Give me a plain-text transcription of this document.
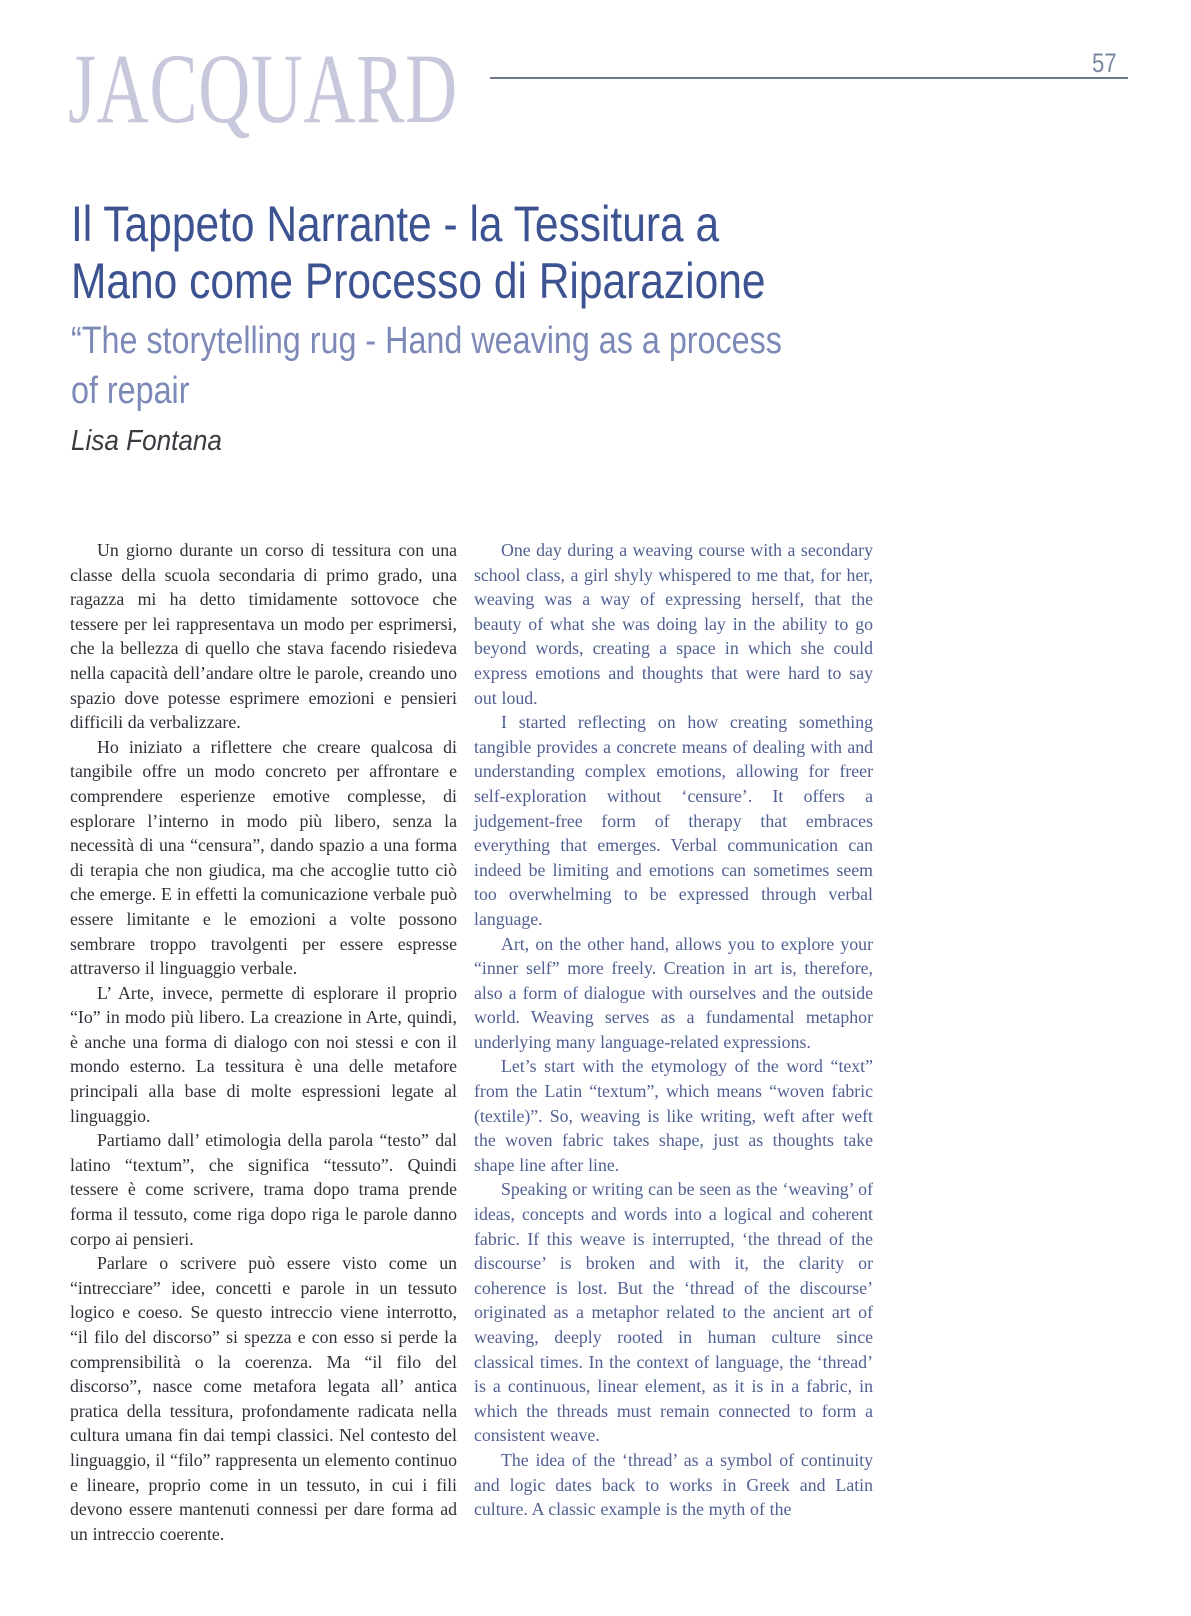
JACQUARD	57
Il Tappeto Narrante - la Tessitura a
Mano come Processo di Riparazione
“The storytelling rug - Hand weaving as a process
of repair
Lisa Fontana

Un giorno durante un corso di tessitura con una classe della scuola secondaria di primo grado, una ragazza mi ha detto timidamente sottovoce che tessere per lei rappresentava un modo per esprimersi, che la bellezza di quello che stava facendo risiedeva nella capacità dell’andare oltre le parole, creando uno spazio dove potesse esprimere emozioni e pensieri difficili da verbalizzare.

Ho iniziato a riflettere che creare qualcosa di tangibile offre un modo concreto per affrontare e comprendere esperienze emotive complesse, di esplorare l’interno in modo più libero, senza la necessità di una “censura”, dando spazio a una forma di terapia che non giudica, ma che accoglie tutto ciò che emerge. E in effetti la comunicazione verbale può essere limitante e le emozioni a volte possono sembrare troppo travolgenti per essere espresse attraverso il linguaggio verbale.

L’ Arte, invece, permette di esplorare il proprio “Io” in modo più libero. La creazione in Arte, quindi, è anche una forma di dialogo con noi stessi e con il mondo esterno. La tessitura è una delle metafore principali alla base di molte espressioni legate al linguaggio.

Partiamo dall’ etimologia della parola “testo” dal latino “textum”, che significa “tessuto”. Quindi tessere è come scrivere, trama dopo trama prende forma il tessuto, come riga dopo riga le parole danno corpo ai pensieri.

Parlare o scrivere può essere visto come un “intrecciare” idee, concetti e parole in un tessuto logico e coeso. Se questo intreccio viene interrotto, “il filo del discorso” si spezza e con esso si perde la comprensibilità o la coerenza. Ma “il filo del discorso”, nasce come metafora legata all’ antica pratica della tessitura, profondamente radicata nella cultura umana fin dai tempi classici. Nel contesto del linguaggio, il “filo” rappresenta un elemento continuo e lineare, proprio come in un tessuto, in cui i fili devono essere mantenuti connessi per dare forma ad un intreccio coerente.

One day during a weaving course with a secondary school class, a girl shyly whispered to me that, for her, weaving was a way of expressing herself, that the beauty of what she was doing lay in the ability to go beyond words, creating a space in which she could express emotions and thoughts that were hard to say out loud.

I started reflecting on how creating something tangible provides a concrete means of dealing with and understanding complex emotions, allowing for freer self-exploration without ‘censure’. It offers a judgement-free form of therapy that embraces everything that emerges. Verbal communication can indeed be limiting and emotions can sometimes seem too overwhelming to be expressed through verbal language.

Art, on the other hand, allows you to explore your “inner self” more freely. Creation in art is, therefore, also a form of dialogue with ourselves and the outside world. Weaving serves as a fundamental metaphor underlying many language-related expressions.

Let’s start with the etymology of the word “text” from the Latin “textum”, which means “woven fabric (textile)”. So, weaving is like writing, weft after weft the woven fabric takes shape, just as thoughts take shape line after line.

Speaking or writing can be seen as the ‘weaving’ of ideas, concepts and words into a logical and coherent fabric. If this weave is interrupted, ‘the thread of the discourse’ is broken and with it, the clarity or coherence is lost. But the ‘thread of the discourse’ originated as a metaphor related to the ancient art of weaving, deeply rooted in human culture since classical times. In the context of language, the ‘thread’ is a continuous, linear element, as it is in a fabric, in which the threads must remain connected to form a consistent weave.

The idea of the ‘thread’ as a symbol of continuity and logic dates back to works in Greek and Latin culture. A classic example is the myth of the
